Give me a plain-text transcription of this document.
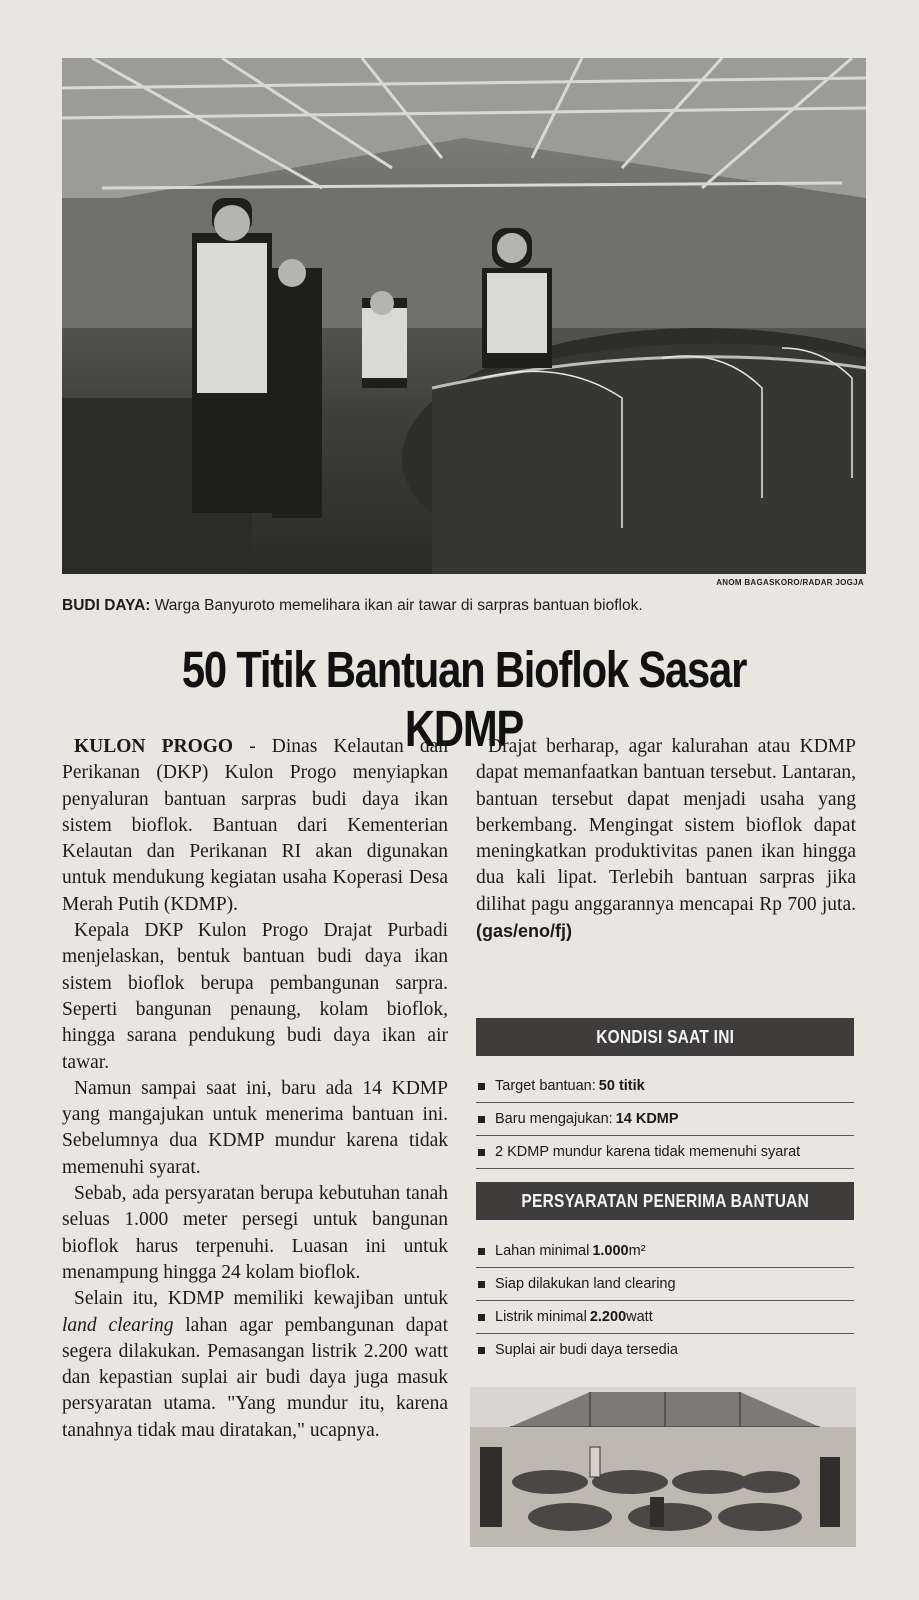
ANOM BAGASKORO/RADAR JOGJA
BUDI DAYA: Warga Banyuroto memelihara ikan air tawar di sarpras bantuan bioflok.
50 Titik Bantuan Bioflok Sasar KDMP

KULON PROGO - Dinas Kelautan dan Perikanan (DKP) Kulon Progo menyiapkan penyaluran bantuan sarpras budi daya ikan sistem bioflok. Bantuan dari Kementerian Kelautan dan Perikanan RI akan digunakan untuk mendukung kegiatan usaha Koperasi Desa Merah Putih (KDMP).

Kepala DKP Kulon Progo Drajat Purbadi menjelaskan, bentuk bantuan budi daya ikan sistem bioflok berupa pembangunan sarpra. Seperti bangunan penaung, kolam bioflok, hingga sarana pendukung budi daya ikan air tawar.

Namun sampai saat ini, baru ada 14 KDMP yang mangajukan untuk menerima bantuan ini. Sebelumnya dua KDMP mundur karena tidak memenuhi syarat.

Sebab, ada persyaratan berupa kebutuhan tanah seluas 1.000 meter persegi untuk bangunan bioflok harus terpenuhi. Luasan ini untuk menampung hingga 24 kolam bioflok.

Selain itu, KDMP memiliki kewajiban untuk land clearing lahan agar pembangunan dapat segera dilakukan. Pemasangan listrik 2.200 watt dan kepastian suplai air budi daya juga masuk persyaratan utama. "Yang mundur itu, karena tanahnya tidak mau diratakan," ucapnya.

Drajat berharap, agar kalurahan atau KDMP dapat memanfaatkan bantuan tersebut. Lantaran, bantuan tersebut dapat menjadi usaha yang berkembang. Mengingat sistem bioflok dapat meningkatkan produktivitas panen ikan hingga dua kali lipat. Terlebih bantuan sarpras jika dilihat pagu anggarannya mencapai Rp 700 juta. (gas/eno/fj)

KONDISI SAAT INI
Target bantuan: 50 titik
Baru mengajukan: 14 KDMP
2 KDMP mundur karena tidak memenuhi syarat
PERSYARATAN PENERIMA BANTUAN
Lahan minimal 1.000 m²
Siap dilakukan land clearing
Listrik minimal 2.200 watt
Suplai air budi daya tersedia
